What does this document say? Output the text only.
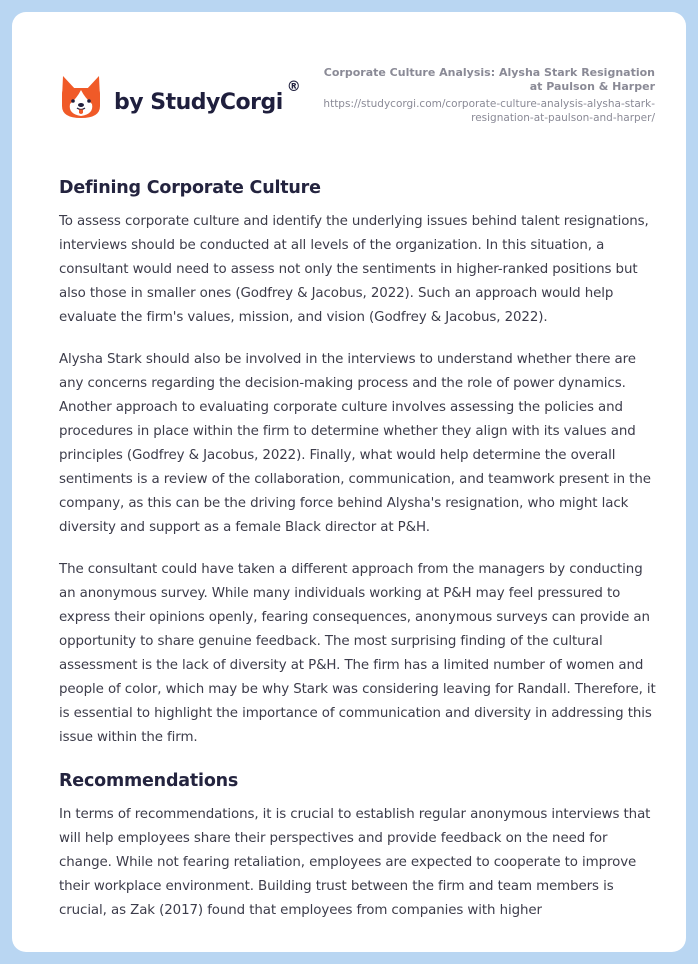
by StudyCorgi
®
Corporate Culture Analysis: Alysha Stark Resignation at Paulson & Harper
https://studycorgi.com/corporate-culture-analysis-alysha-stark-resignation-at-paulson-and-harper/
Defining Corporate Culture

To assess corporate culture and identify the underlying issues behind talent resignations, interviews should be conducted at all levels of the organization. In this situation, a consultant would need to assess not only the sentiments in higher-ranked positions but also those in smaller ones (Godfrey & Jacobus, 2022). Such an approach would help evaluate the firm's values, mission, and vision (Godfrey & Jacobus, 2022).

Alysha Stark should also be involved in the interviews to understand whether there are any concerns regarding the decision-making process and the role of power dynamics. Another approach to evaluating corporate culture involves assessing the policies and procedures in place within the firm to determine whether they align with its values and principles (Godfrey & Jacobus, 2022). Finally, what would help determine the overall sentiments is a review of the collaboration, communication, and teamwork present in the company, as this can be the driving force behind Alysha's resignation, who might lack diversity and support as a female Black director at P&H.

The consultant could have taken a different approach from the managers by conducting an anonymous survey. While many individuals working at P&H may feel pressured to express their opinions openly, fearing consequences, anonymous surveys can provide an opportunity to share genuine feedback. The most surprising finding of the cultural assessment is the lack of diversity at P&H. The firm has a limited number of women and people of color, which may be why Stark was considering leaving for Randall. Therefore, it is essential to highlight the importance of communication and diversity in addressing this issue within the firm.

Recommendations

In terms of recommendations, it is crucial to establish regular anonymous interviews that will help employees share their perspectives and provide feedback on the need for change. While not fearing retaliation, employees are expected to cooperate to improve their workplace environment. Building trust between the firm and team members is crucial, as Zak (2017) found that employees from companies with higher
